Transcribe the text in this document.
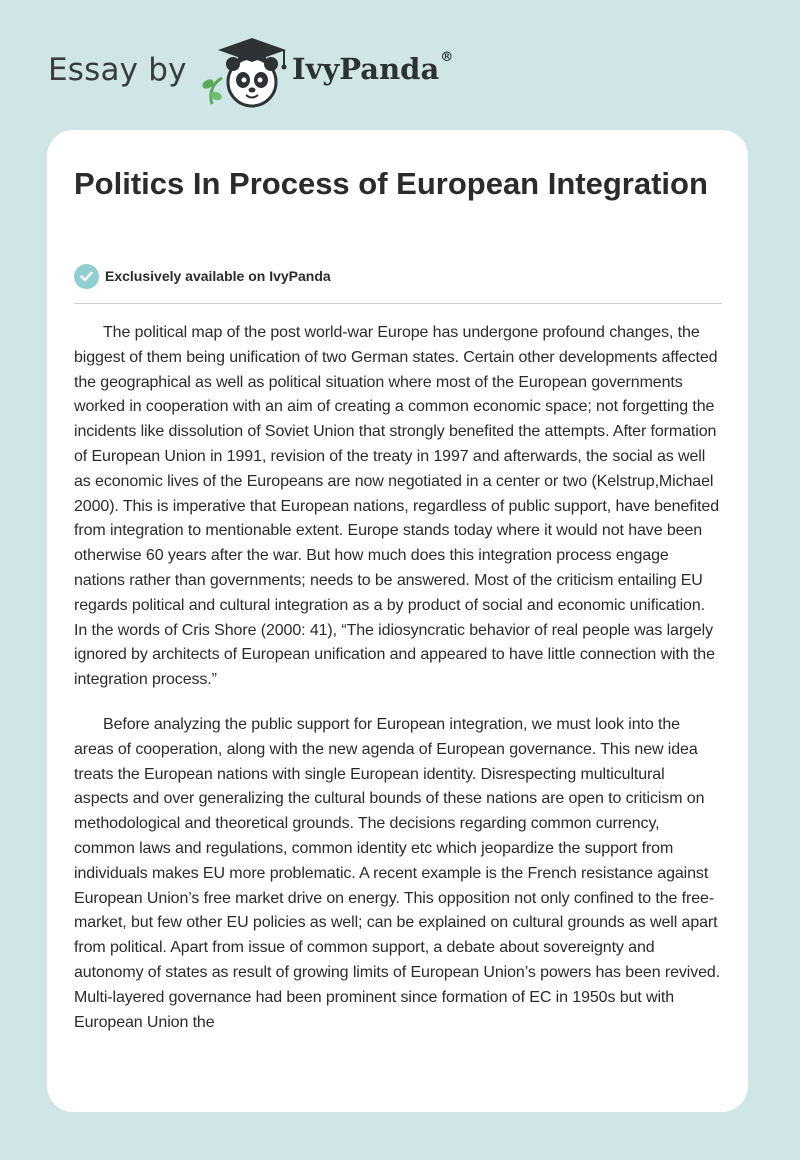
Essay by	IvyPanda®
Politics In Process of European Integration
Exclusively available on IvyPanda

The political map of the post world-war Europe has undergone profound changes, the biggest of them being unification of two German states. Certain other developments affected the geographical as well as political situation where most of the European governments worked in cooperation with an aim of creating a common economic space; not forgetting the incidents like dissolution of Soviet Union that strongly benefited the attempts. After formation of European Union in 1991, revision of the treaty in 1997 and afterwards, the social as well as economic lives of the Europeans are now negotiated in a center or two (Kelstrup,Michael 2000). This is imperative that European nations, regardless of public support, have benefited from integration to mentionable extent. Europe stands today where it would not have been otherwise 60 years after the war. But how much does this integration process engage nations rather than governments; needs to be answered. Most of the criticism entailing EU regards political and cultural integration as a by product of social and economic unification. In the words of Cris Shore (2000: 41), “The idiosyncratic behavior of real people was largely ignored by architects of European unification and appeared to have little connection with the integration process.”

Before analyzing the public support for European integration, we must look into the areas of cooperation, along with the new agenda of European governance. This new idea treats the European nations with single European identity. Disrespecting multicultural aspects and over generalizing the cultural bounds of these nations are open to criticism on methodological and theoretical grounds. The decisions regarding common currency, common laws and regulations, common identity etc which jeopardize the support from individuals makes EU more problematic. A recent example is the French resistance against European Union’s free market drive on energy. This opposition not only confined to the free-market, but few other EU policies as well; can be explained on cultural grounds as well apart from political. Apart from issue of common support, a debate about sovereignty and autonomy of states as result of growing limits of European Union’s powers has been revived. Multi-layered governance had been prominent since formation of EC in 1950s but with European Union the
